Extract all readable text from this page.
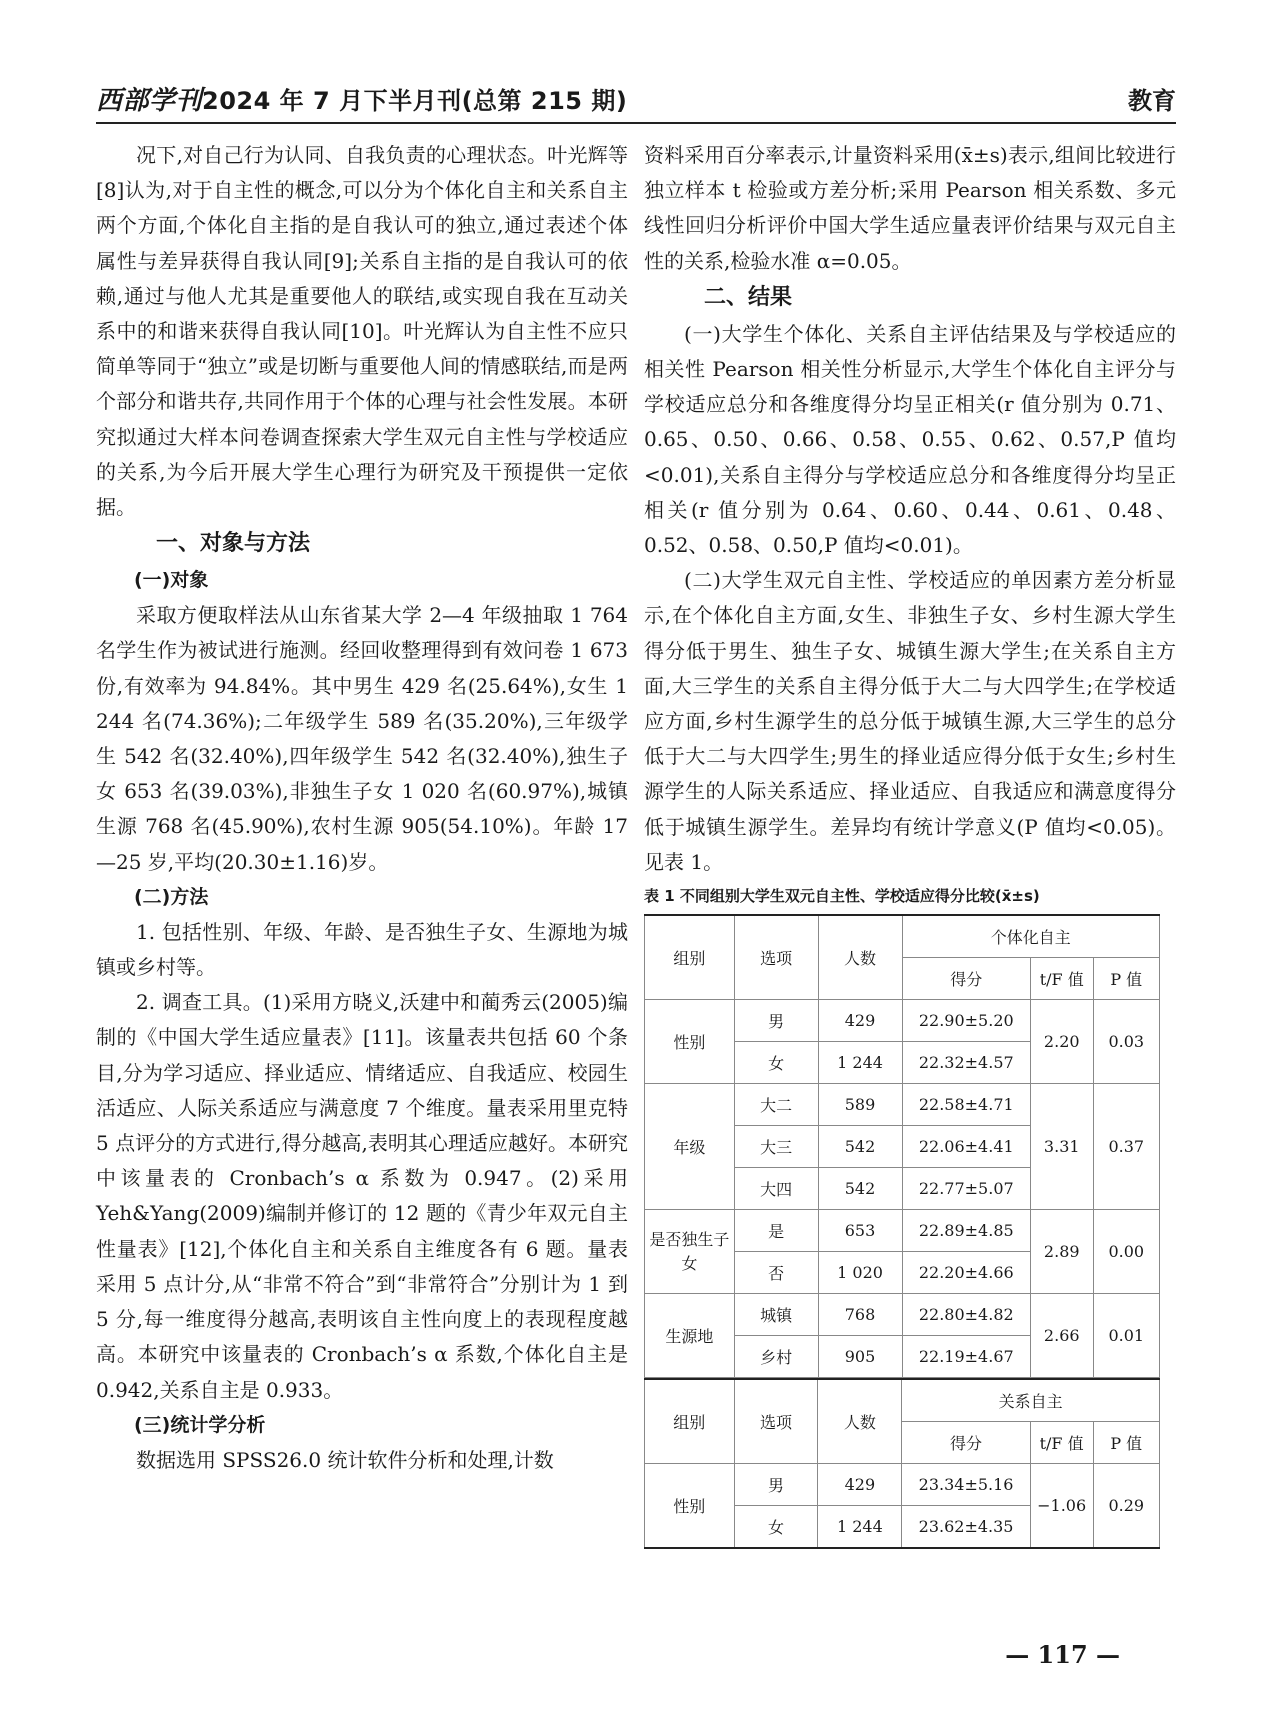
西部学刊2024 年 7 月下半月刊(总第 215 期)	教育

况下,对自己行为认同、自我负责的心理状态。叶光辉等[8]认为,对于自主性的概念,可以分为个体化自主和关系自主两个方面,个体化自主指的是自我认可的独立,通过表述个体属性与差异获得自我认同[9];关系自主指的是自我认可的依赖,通过与他人尤其是重要他人的联结,或实现自我在互动关系中的和谐来获得自我认同[10]。叶光辉认为自主性不应只简单等同于“独立”或是切断与重要他人间的情感联结,而是两个部分和谐共存,共同作用于个体的心理与社会性发展。本研究拟通过大样本问卷调查探索大学生双元自主性与学校适应的关系,为今后开展大学生心理行为研究及干预提供一定依据。

一、对象与方法
(一)对象

采取方便取样法从山东省某大学 2—4 年级抽取 1 764 名学生作为被试进行施测。经回收整理得到有效问卷 1 673 份,有效率为 94.84%。其中男生 429 名(25.64%),女生 1 244 名(74.36%);二年级学生 589 名(35.20%),三年级学生 542 名(32.40%),四年级学生 542 名(32.40%),独生子女 653 名(39.03%),非独生子女 1 020 名(60.97%),城镇生源 768 名(45.90%),农村生源 905(54.10%)。年龄 17—25 岁,平均(20.30±1.16)岁。

(二)方法

1. 包括性别、年级、年龄、是否独生子女、生源地为城镇或乡村等。

2. 调查工具。(1)采用方晓义,沃建中和蔺秀云(2005)编制的《中国大学生适应量表》[11]。该量表共包括 60 个条目,分为学习适应、择业适应、情绪适应、自我适应、校园生活适应、人际关系适应与满意度 7 个维度。量表采用里克特 5 点评分的方式进行,得分越高,表明其心理适应越好。本研究中该量表的 Cronbach’s α 系数为 0.947。(2)采用 Yeh&Yang(2009)编制并修订的 12 题的《青少年双元自主性量表》[12],个体化自主和关系自主维度各有 6 题。量表采用 5 点计分,从“非常不符合”到“非常符合”分别计为 1 到 5 分,每一维度得分越高,表明该自主性向度上的表现程度越高。本研究中该量表的 Cronbach’s α 系数,个体化自主是 0.942,关系自主是 0.933。

(三)统计学分析

数据选用 SPSS26.0 统计软件分析和处理,计数

资料采用百分率表示,计量资料采用(x̄±s)表示,组间比较进行独立样本 t 检验或方差分析;采用 Pearson 相关系数、多元线性回归分析评价中国大学生适应量表评价结果与双元自主性的关系,检验水准 α=0.05。

二、结果

(一)大学生个体化、关系自主评估结果及与学校适应的相关性 Pearson 相关性分析显示,大学生个体化自主评分与学校适应总分和各维度得分均呈正相关(r 值分别为 0.71、0.65、0.50、0.66、0.58、0.55、0.62、0.57,P 值均<0.01),关系自主得分与学校适应总分和各维度得分均呈正相关(r 值分别为 0.64、0.60、0.44、0.61、0.48、0.52、0.58、0.50,P 值均<0.01)。

(二)大学生双元自主性、学校适应的单因素方差分析显示,在个体化自主方面,女生、非独生子女、乡村生源大学生得分低于男生、独生子女、城镇生源大学生;在关系自主方面,大三学生的关系自主得分低于大二与大四学生;在学校适应方面,乡村生源学生的总分低于城镇生源,大三学生的总分低于大二与大四学生;男生的择业适应得分低于女生;乡村生源学生的人际关系适应、择业适应、自我适应和满意度得分低于城镇生源学生。差异均有统计学意义(P 值均<0.05)。见表 1。

表 1 不同组别大学生双元自主性、学校适应得分比较(x̄±s)
组别	选项	人数	个体化自主		
			得分	t/F 值	P 值
性别	男	429	22.90±5.20	2.20	0.03
	女	1 244	22.32±4.57		
年级	大二	589	22.58±4.71	3.31	0.37
	大三	542	22.06±4.41		
	大四	542	22.77±5.07		
是否独生子女	是	653	22.89±4.85	2.89	0.00
	否	1 020	22.20±4.66		
生源地	城镇	768	22.80±4.82	2.66	0.01
	乡村	905	22.19±4.67		
组别	选项	人数	关系自主		
			得分	t/F 值	P 值
性别	男	429	23.34±5.16	−1.06	0.29
	女	1 244	23.62±4.35		
— 117 —
